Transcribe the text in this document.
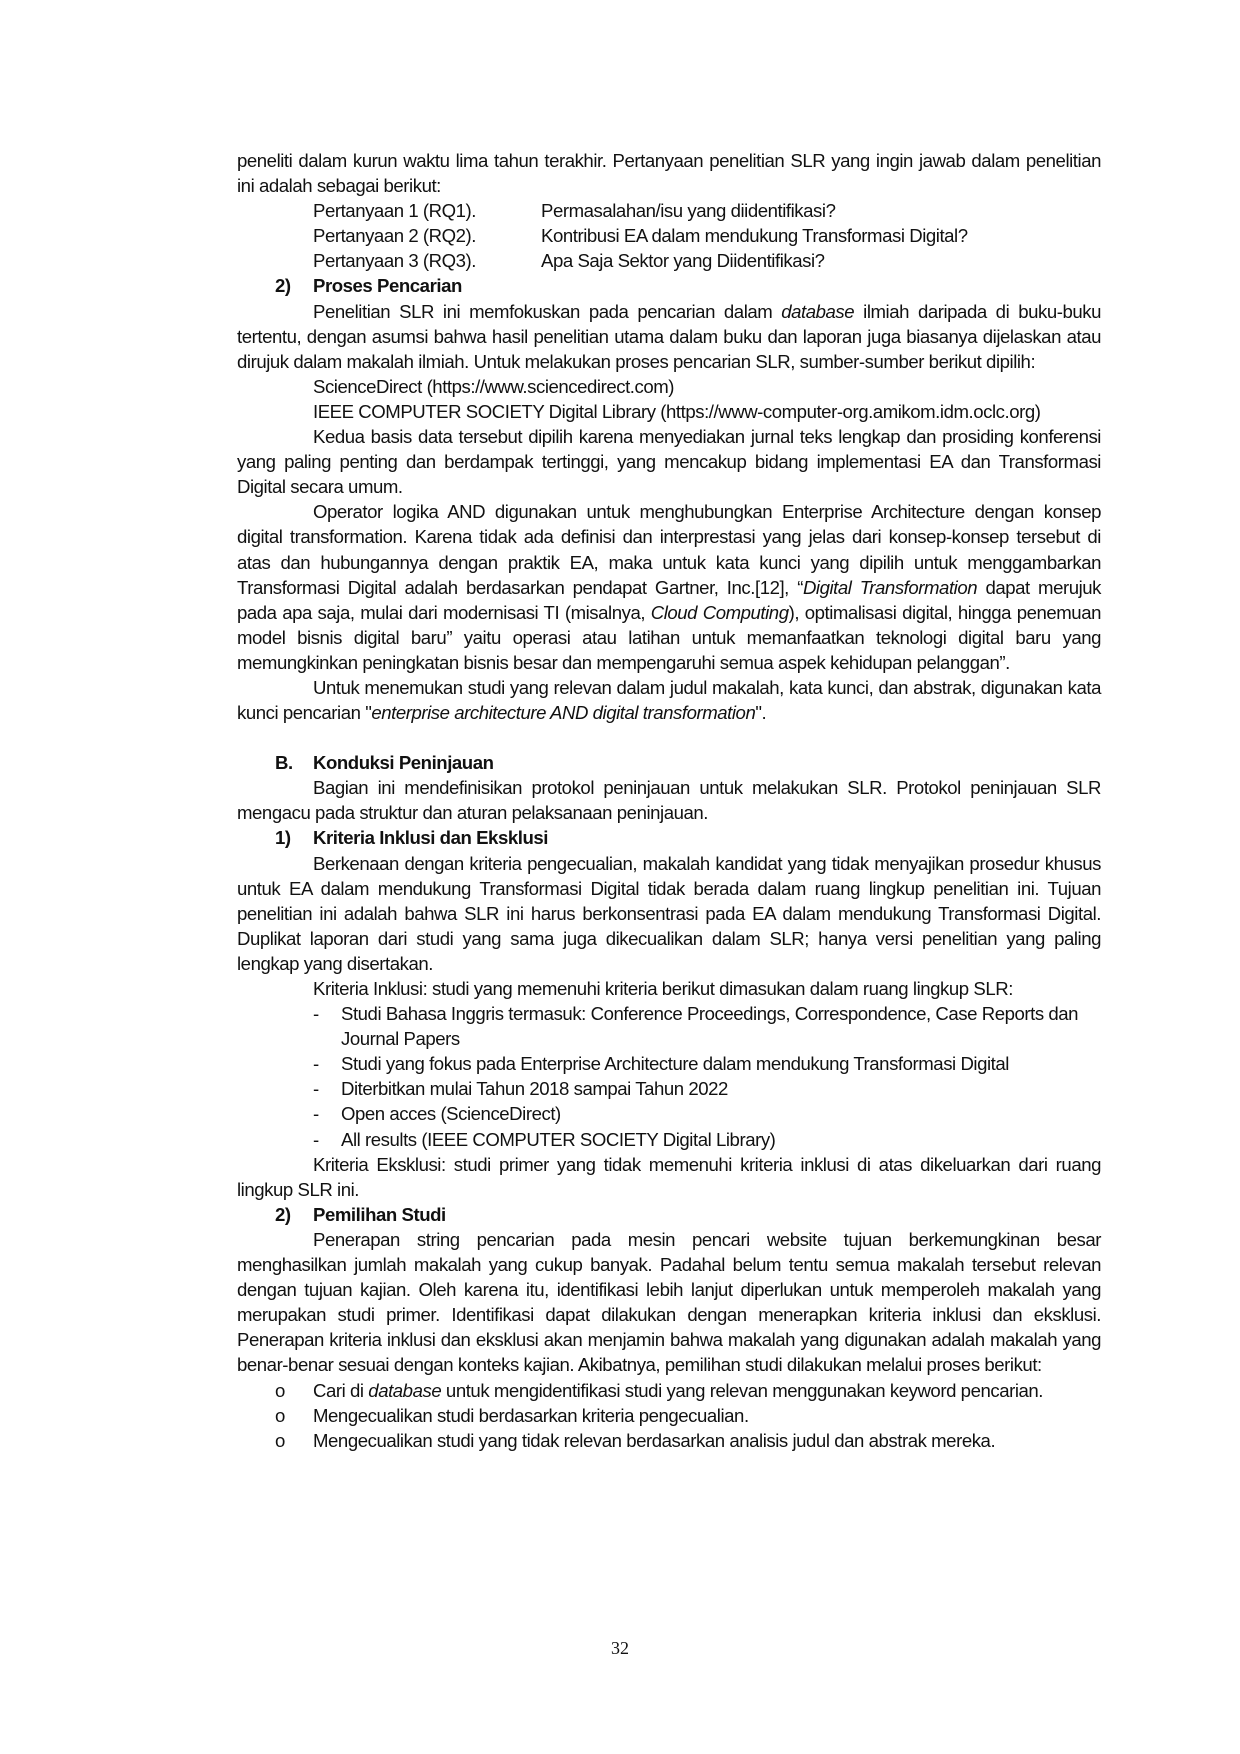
peneliti dalam kurun waktu lima tahun terakhir. Pertanyaan penelitian SLR yang ingin jawab dalam penelitian ini adalah sebagai berikut:

Pertanyaan 1 (RQ1).	Permasalahan/isu yang diidentifikasi?
Pertanyaan 2 (RQ2).	Kontribusi EA dalam mendukung Transformasi Digital?
Pertanyaan 3 (RQ3).	Apa Saja Sektor yang Diidentifikasi?
2)	Proses Pencarian

Penelitian SLR ini memfokuskan pada pencarian dalam database ilmiah daripada di buku-buku tertentu, dengan asumsi bahwa hasil penelitian utama dalam buku dan laporan juga biasanya dijelaskan atau dirujuk dalam makalah ilmiah. Untuk melakukan proses pencarian SLR, sumber-sumber berikut dipilih:

ScienceDirect (https://www.sciencedirect.com)
IEEE COMPUTER SOCIETY Digital Library (https://www-computer-org.amikom.idm.oclc.org)

Kedua basis data tersebut dipilih karena menyediakan jurnal teks lengkap dan prosiding konferensi yang paling penting dan berdampak tertinggi, yang mencakup bidang implementasi EA dan Transformasi Digital secara umum.

Operator logika AND digunakan untuk menghubungkan Enterprise Architecture dengan konsep digital transformation. Karena tidak ada definisi dan interprestasi yang jelas dari konsep-konsep tersebut di atas dan hubungannya dengan praktik EA, maka untuk kata kunci yang dipilih untuk menggambarkan Transformasi Digital adalah berdasarkan pendapat Gartner, Inc.[12], “Digital Transformation dapat merujuk pada apa saja, mulai dari modernisasi TI (misalnya, Cloud Computing), optimalisasi digital, hingga penemuan model bisnis digital baru” yaitu operasi atau latihan untuk memanfaatkan teknologi digital baru yang memungkinkan peningkatan bisnis besar dan mempengaruhi semua aspek kehidupan pelanggan”.

Untuk menemukan studi yang relevan dalam judul makalah, kata kunci, dan abstrak, digunakan kata kunci pencarian "enterprise architecture AND digital transformation".

B.	Konduksi Peninjauan

Bagian ini mendefinisikan protokol peninjauan untuk melakukan SLR. Protokol peninjauan SLR mengacu pada struktur dan aturan pelaksanaan peninjauan.

1)	Kriteria Inklusi dan Eksklusi

Berkenaan dengan kriteria pengecualian, makalah kandidat yang tidak menyajikan prosedur khusus untuk EA dalam mendukung Transformasi Digital tidak berada dalam ruang lingkup penelitian ini. Tujuan penelitian ini adalah bahwa SLR ini harus berkonsentrasi pada EA dalam mendukung Transformasi Digital. Duplikat laporan dari studi yang sama juga dikecualikan dalam SLR; hanya versi penelitian yang paling lengkap yang disertakan.

Kriteria Inklusi: studi yang memenuhi kriteria berikut dimasukan dalam ruang lingkup SLR:

-	Studi Bahasa Inggris termasuk: Conference Proceedings, Correspondence, Case Reports dan Journal Papers
-	Studi yang fokus pada Enterprise Architecture dalam mendukung Transformasi Digital
-	Diterbitkan mulai Tahun 2018 sampai Tahun 2022
-	Open acces (ScienceDirect)
-	All results (IEEE COMPUTER SOCIETY Digital Library)

Kriteria Eksklusi: studi primer yang tidak memenuhi kriteria inklusi di atas dikeluarkan dari ruang lingkup SLR ini.

2)	Pemilihan Studi

Penerapan string pencarian pada mesin pencari website tujuan berkemungkinan besar menghasilkan jumlah makalah yang cukup banyak. Padahal belum tentu semua makalah tersebut relevan dengan tujuan kajian. Oleh karena itu, identifikasi lebih lanjut diperlukan untuk memperoleh makalah yang merupakan studi primer. Identifikasi dapat dilakukan dengan menerapkan kriteria inklusi dan eksklusi. Penerapan kriteria inklusi dan eksklusi akan menjamin bahwa makalah yang digunakan adalah makalah yang benar-benar sesuai dengan konteks kajian. Akibatnya, pemilihan studi dilakukan melalui proses berikut:

o	Cari di database untuk mengidentifikasi studi yang relevan menggunakan keyword pencarian.
o	Mengecualikan studi berdasarkan kriteria pengecualian.
o	Mengecualikan studi yang tidak relevan berdasarkan analisis judul dan abstrak mereka.
32
